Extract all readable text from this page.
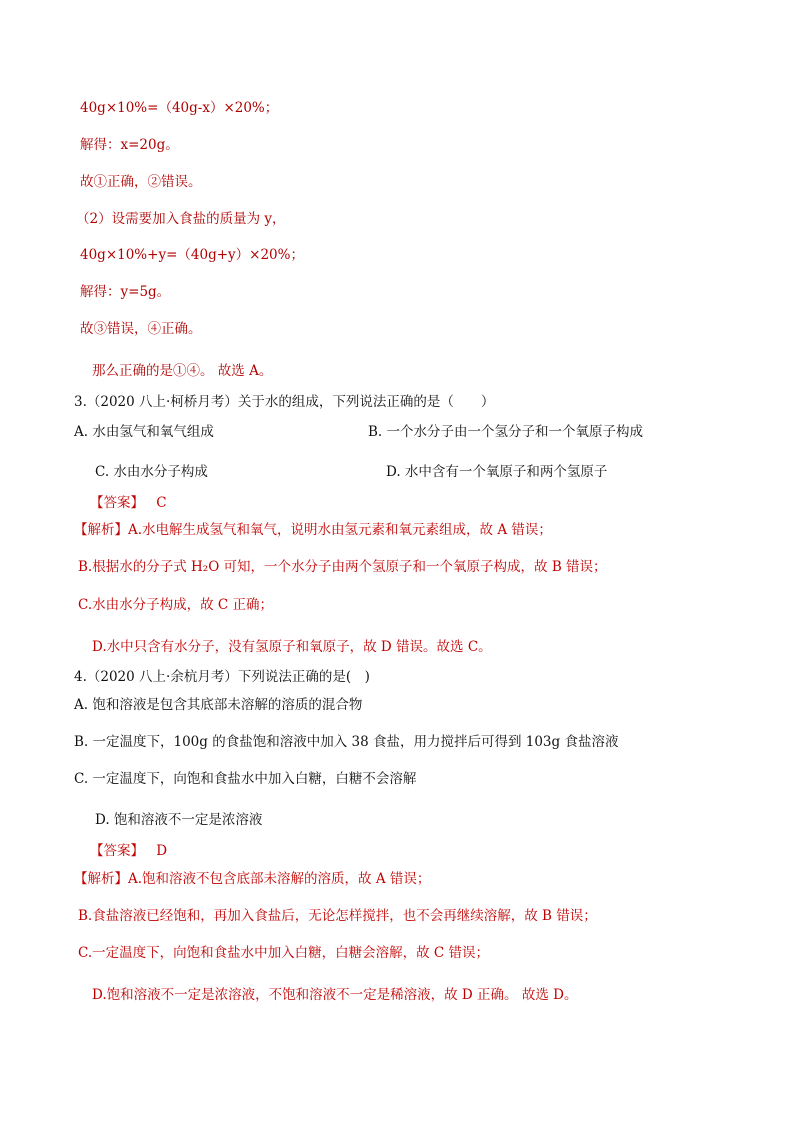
40g×10%=（40g-x）×20%；
解得：x=20g。
故①正确，②错误。
（2）设需要加入食盐的质量为 y，
40g×10%+y=（40g+y）×20%；
解得：y=5g。
故③错误，④正确。
那么正确的是①④。 故选 A。
3.（2020 八上·柯桥月考）关于水的组成，下列说法正确的是（　　）
A. 水由氢气和氧气组成	B. 一个水分子由一个氢分子和一个氧原子构成
C. 水由水分子构成	D. 水中含有一个氧原子和两个氢原子
【答案】 C
【解析】A.水电解生成氢气和氧气，说明水由氢元素和氧元素组成，故 A 错误；
B.根据水的分子式 H₂O 可知，一个水分子由两个氢原子和一个氧原子构成，故 B 错误；
C.水由水分子构成，故 C 正确；
D.水中只含有水分子，没有氢原子和氧原子，故 D 错误。故选 C。
4.（2020 八上·余杭月考）下列说法正确的是(　)
A. 饱和溶液是包含其底部未溶解的溶质的混合物
B. 一定温度下，100g 的食盐饱和溶液中加入 38 食盐，用力搅拌后可得到 103g 食盐溶液
C. 一定温度下，向饱和食盐水中加入白糖，白糖不会溶解
D. 饱和溶液不一定是浓溶液
【答案】 D
【解析】A.饱和溶液不包含底部未溶解的溶质，故 A 错误；
B.食盐溶液已经饱和，再加入食盐后，无论怎样搅拌，也不会再继续溶解，故 B 错误；
C.一定温度下，向饱和食盐水中加入白糖，白糖会溶解，故 C 错误；
D.饱和溶液不一定是浓溶液，不饱和溶液不一定是稀溶液，故 D 正确。 故选 D。
